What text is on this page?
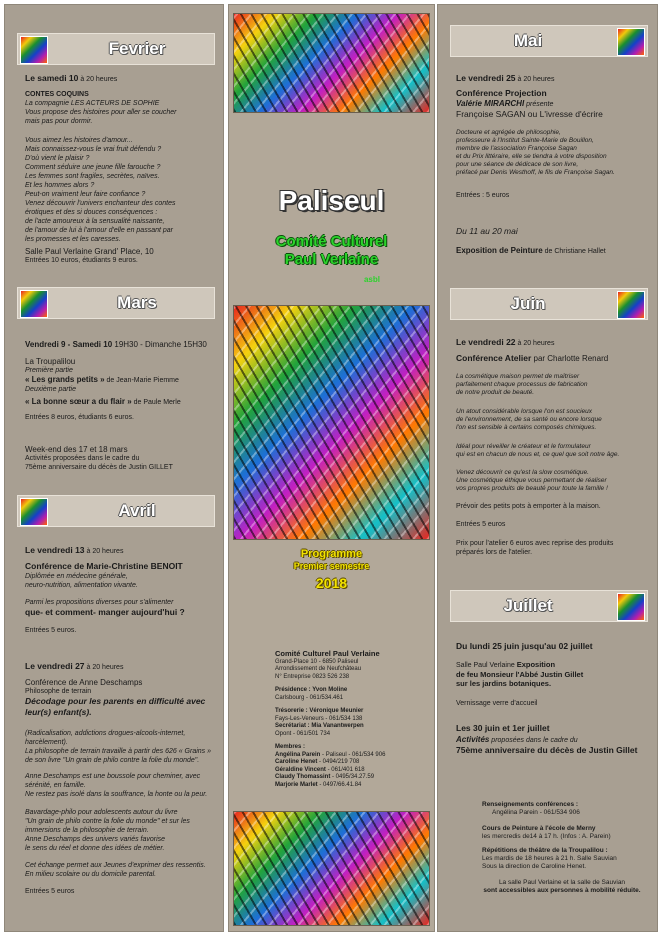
Fevrier
Le samedi 10 à 20 heures
CONTES COQUINS
La compagnie LES ACTEURS DE SOPHIE
Vous propose des histoires pour aller se coucher
mais pas pour dormir.
Vous aimez les histoires d'amour...
Mais connaissez-vous le vrai fruit défendu ?
D'où vient le plaisir ?
Comment séduire une jeune fille farouche ?
Les femmes sont fragiles, secrètes, naïves.
Et les hommes alors ?
Peut-on vraiment leur faire confiance ?
Venez découvrir l'univers enchanteur des contes
érotiques et des si douces conséquences :
de l'acte amoureux à la sensualité naissante,
de l'amour de lui à l'amour d'elle en passant par
les promesses et les caresses.
Salle Paul Verlaine Grand' Place, 10
Entrées 10 euros, étudiants 9 euros.
Mars
Vendredi 9 - Samedi 10 19H30 - Dimanche 15H30
La Troupalilou
Première partie
« Les grands petits » de Jean-Marie Piemme
Deuxième partie
« La bonne sœur a du flair » de Paule Merle
Entrées 8 euros, étudiants 6 euros.
Week-end des 17 et 18 mars
Activités proposées dans le cadre du
75ème anniversaire du décès de Justin GILLET
Avril
Le vendredi 13 à 20 heures
Conférence de Marie-Christine BENOIT
Diplômée en médecine générale,
neuro-nutrition, alimentation vivante.
Parmi les propositions diverses pour s'alimenter
que- et comment- manger aujourd'hui ?
Entrées 5 euros.
Le vendredi 27 à 20 heures
Conférence de Anne Deschamps
Philosophe de terrain
Décodage pour les parents en difficulté avec
leur(s) enfant(s).
(Radicalisation, addictions drogues-alcools-internet,
harcèlement).
La philosophe de terrain travaille à partir des 626 « Grains »
de son livre "Un grain de philo contre la folie du monde".
Anne Deschamps est une boussole pour cheminer, avec
sérénité, en famille.
Ne restez pas isolé dans la souffrance, la honte ou la peur.
Bavardage-philo pour adolescents autour du livre
"Un grain de philo contre la folie du monde" et sur les
immersions de la philosophie de terrain.
Anne Deschamps des univers variés favorise
le sens du réel et donne des idées de métier.
Cet échange permet aux Jeunes d'exprimer des ressentis.
En milieu scolaire ou du domicile parental.
Entrées 5 euros
Paliseul
Comité Culturel
Paul Verlaine
asbl
Programme
Premier semestre
2018
Comité Culturel Paul Verlaine
Grand-Place 10 - 6850 Paliseul
Arrondissement de Neufchâteau
N° Entreprise 0823 526 238
Présidence : Yvon Moline
Carlsbourg - 061/534.461
Trésorerie : Véronique Meunier
Fays-Les-Veneurs - 061/534 138
Secrétariat : Mia Vanantwerpen
Opont - 061/501 734
Membres :
Angélina Parein - Paliseul - 061/534 906
Caroline Henet - 0494/219 708
Géraldine Vincent - 061/401 618
Claudy Thomassint - 0495/34.27.59
Marjorie Marlet - 0497/66.41.84
Mai
Le vendredi 25 à 20 heures
Conférence Projection
Valérie MIRARCHI présente
Françoise SAGAN ou L'ivresse d'écrire
Docteure et agrégée de philosophie,
professeure à l'Institut Sainte-Marie de Bouillon,
membre de l'association Françoise Sagan
et du Prix littéraire, elle se tiendra à votre disposition
pour une séance de dédicace de son livre,
préfacé par Denis Westhoff, le fils de Françoise Sagan.
Entrées : 5 euros
Du 11 au 20 mai
Exposition de Peinture de Christiane Hallet
Juin
Le vendredi 22 à 20 heures
Conférence Atelier par Charlotte Renard
La cosmétique maison permet de maîtriser
parfaitement chaque processus de fabrication
de notre produit de beauté.
Un atout considérable lorsque l'on est soucieux
de l'environnement, de sa santé ou encore lorsque
l'on est sensible à certains composés chimiques.
Idéal pour réveiller le créateur et le formulateur
qui est en chacun de nous et, ce quel que soit notre âge.
Venez découvrir ce qu'est la slow cosmétique.
Une cosmétique éthique vous permettant de réaliser
vos propres produits de beauté pour toute la famille !
Prévoir des petits pots à emporter à la maison.
Entrées 5 euros
Prix pour l'atelier 6 euros avec reprise des produits
préparés lors de l'atelier.
Juillet
Du lundi 25 juin jusqu'au 02 juillet
Salle Paul Verlaine Exposition
de feu Monsieur l'Abbé Justin Gillet
sur les jardins botaniques.
Vernissage verre d'accueil
Les 30 juin et 1er juillet
Activités proposées dans le cadre du
75ème anniversaire du décès de Justin Gillet
Renseignements conférences :
Angélina Parein - 061/534 906
Cours de Peinture à l'école de Merny
les mercredis de14 à 17 h. (Infos : A. Parein)
Répétitions de théâtre de la Troupalilou :
Les mardis de 18 heures à 21 h. Salle Sauvian
Sous la direction de Caroline Henet.
La salle Paul Verlaine et la salle de Sauvian
sont accessibles aux personnes à mobilité réduite.
